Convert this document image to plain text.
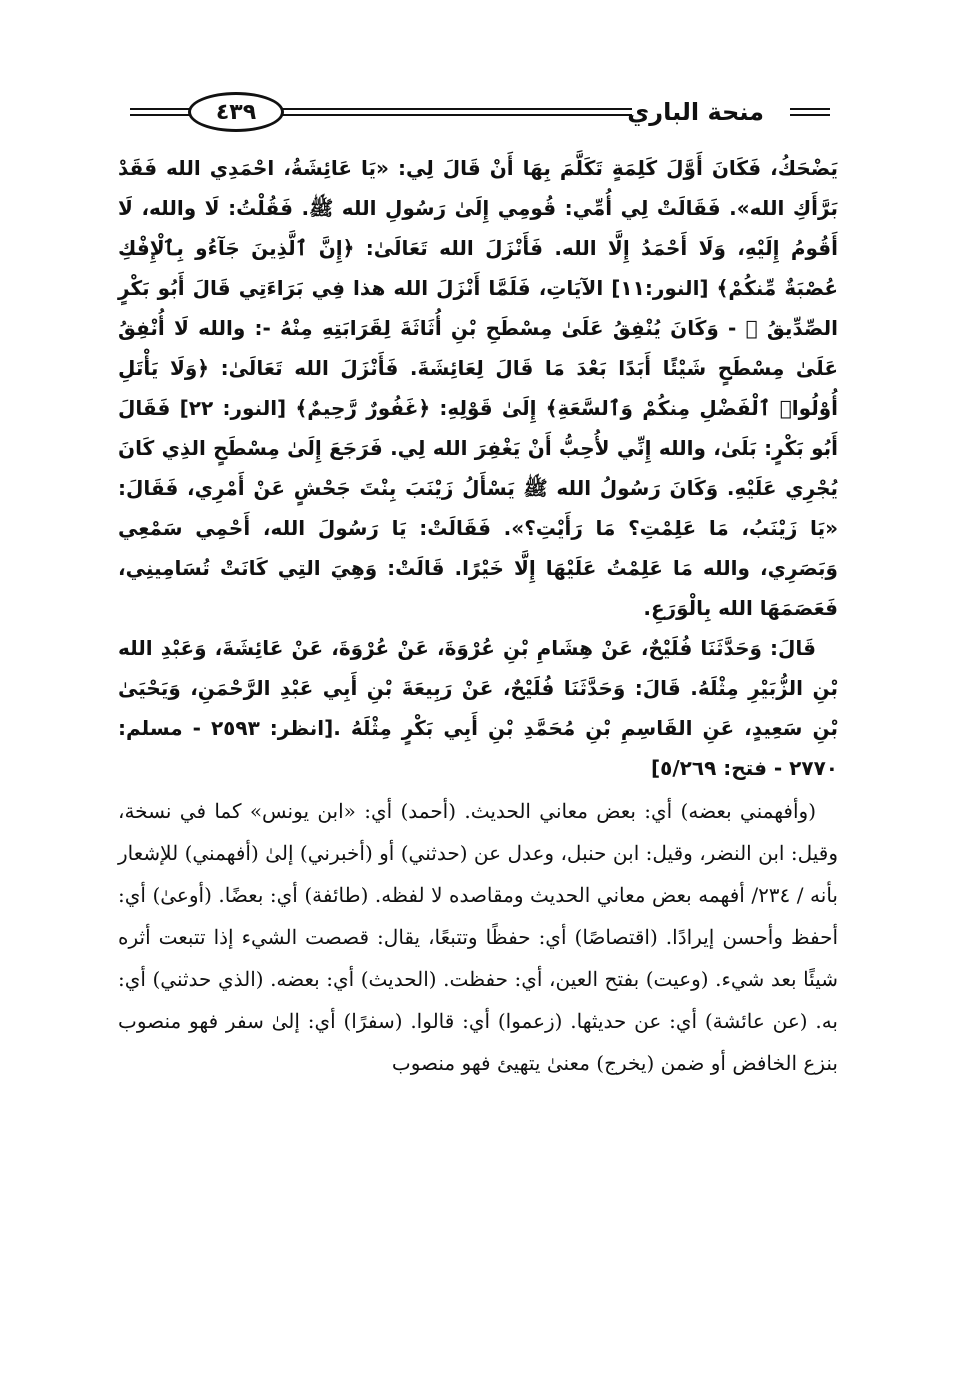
٤٣٩	منحة الباري

يَضْحَكُ، فَكَانَ أَوَّلَ كَلِمَةٍ تَكَلَّمَ بِهَا أَنْ قَالَ لِي: «يَا عَائِشَةُ، احْمَدِي الله فَقَدْ بَرَّأَكِ الله». فَقَالَتْ لِي أُمِّي: قُومِي إِلَىٰ رَسُولِ الله ﷺ. فَقُلْتُ: لَا والله، لَا أَقُومُ إِلَيْهِ، وَلَا أَحْمَدُ إِلَّا الله. فَأَنْزَلَ الله تَعَالَىٰ: ﴿إِنَّ ٱلَّذِينَ جَآءُو بِٱلْإِفْكِ عُصْبَةٌ مِّنكُمْ﴾ [النور:١١] الآيَاتِ، فَلَمَّا أَنْزَلَ الله هذا فِي بَرَاءَتِي قَالَ أَبُو بَكْرٍ الصِّدِّيقُ ﷺ - وَكَانَ يُنْفِقُ عَلَىٰ مِسْطَحِ بْنِ أُثَاثَةَ لِقَرَابَتِهِ مِنْهُ -: والله لَا أُنْفِقُ عَلَىٰ مِسْطَحٍ شَيْئًا أَبَدًا بَعْدَ مَا قَالَ لِعَائِشَةَ. فَأَنْزَلَ الله تَعَالَىٰ: ﴿وَلَا يَأْتَلِ أُوْلُوا۟ ٱلْفَضْلِ مِنكُمْ وَٱلسَّعَةِ﴾ إِلَىٰ قَوْلِهِ: ﴿غَفُورٌ رَّحِيمٌ﴾ [النور: ٢٢] فَقَالَ أَبُو بَكْرٍ: بَلَىٰ، والله إِنِّي لأُحِبُّ أَنْ يَغْفِرَ الله لِي. فَرَجَعَ إِلَىٰ مِسْطَحٍ الذِي كَانَ يُجْرِي عَلَيْهِ. وَكَانَ رَسُولُ الله ﷺ يَسْأَلُ زَيْنَبَ بِنْتَ جَحْشٍ عَنْ أَمْرِي، فَقَالَ: «يَا زَيْنَبُ، مَا عَلِمْتِ؟ مَا رَأَيْتِ؟». فَقَالَتْ: يَا رَسُولَ الله، أَحْمِي سَمْعِي وَبَصَرِي، والله مَا عَلِمْتُ عَلَيْهَا إِلَّا خَيْرًا. قَالَتْ: وَهِيَ التِي كَانَتْ تُسَامِينِي، فَعَصَمَهَا الله بِالْوَرَعِ.

قَالَ: وَحَدَّثَنَا فُلَيْحٌ، عَنْ هِشَامِ بْنِ عُرْوَةَ، عَنْ عُرْوَةَ، عَنْ عَائِشَةَ، وَعَبْدِ الله بْنِ الزُّبَيْرِ مِثْلَهُ. قَالَ: وَحَدَّثَنَا فُلَيْحٌ، عَنْ رَبِيعَةَ بْنِ أَبِي عَبْدِ الرَّحْمَنِ، وَيَحْيَىٰ بْنِ سَعِيدٍ، عَنِ القَاسِمِ بْنِ مُحَمَّدِ بْنِ أَبِي بَكْرٍ مِثْلَهُ .[انظر: ٢٥٩٣ - مسلم: ٢٧٧٠ - فتح: ٥/٢٦٩]

(وأفهمني بعضه) أي: بعض معاني الحديث. (أحمد) أي: «ابن يونس» كما في نسخة، وقيل: ابن النضر، وقيل: ابن حنبل، وعدل عن (حدثني) أو (أخبرني) إلىٰ (أفهمني) للإشعار بأنه / ٢٣٤/ أفهمه بعض معاني الحديث ومقاصده لا لفظه. (طائفة) أي: بعضًا. (أوعىٰ) أي: أحفظ وأحسن إيرادًا. (اقتصاصًا) أي: حفظًا وتتبعًا، يقال: قصصت الشيء إذا تتبعت أثره شيئًا بعد شيء. (وعيت) بفتح العين، أي: حفظت. (الحديث) أي: بعضه. (الذي حدثني) أي: به. (عن عائشة) أي: عن حديثها. (زعموا) أي: قالوا. (سفرًا) أي: إلىٰ سفر فهو منصوب بنزع الخافض أو ضمن (يخرج) معنىٰ يتهيئ فهو منصوب
